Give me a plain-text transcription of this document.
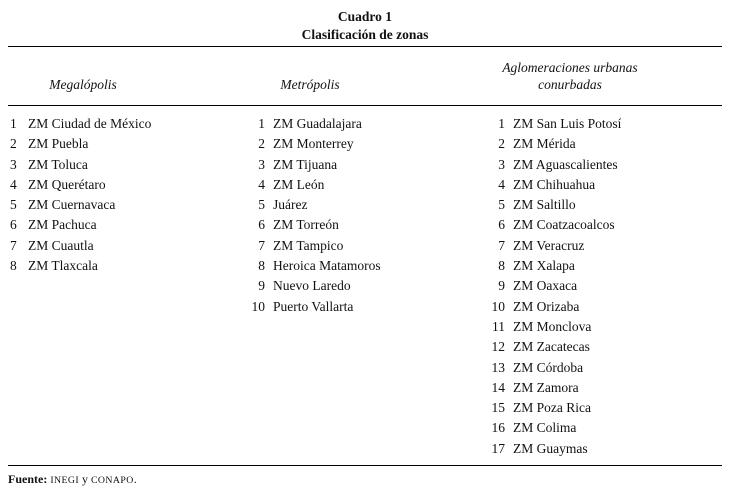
Cuadro 1
Clasificación de zonas
Megalópolis	Metrópolis
Aglomeraciones urbanas conurbadas
1 ZM Ciudad de México
2 ZM Puebla
3 ZM Toluca
4 ZM Querétaro
5 ZM Cuernavaca
6 ZM Pachuca
7 ZM Cuautla
8 ZM Tlaxcala
1 ZM Guadalajara
2 ZM Monterrey
3 ZM Tijuana
4 ZM León
5 Juárez
6 ZM Torreón
7 ZM Tampico
8 Heroica Matamoros
9 Nuevo Laredo
10 Puerto Vallarta
1 ZM San Luis Potosí
2 ZM Mérida
3 ZM Aguascalientes
4 ZM Chihuahua
5 ZM Saltillo
6 ZM Coatzacoalcos
7 ZM Veracruz
8 ZM Xalapa
9 ZM Oaxaca
10 ZM Orizaba
11 ZM Monclova
12 ZM Zacatecas
13 ZM Córdoba
14 ZM Zamora
15 ZM Poza Rica
16 ZM Colima
17 ZM Guaymas
Fuente: INEGI y CONAPO.
